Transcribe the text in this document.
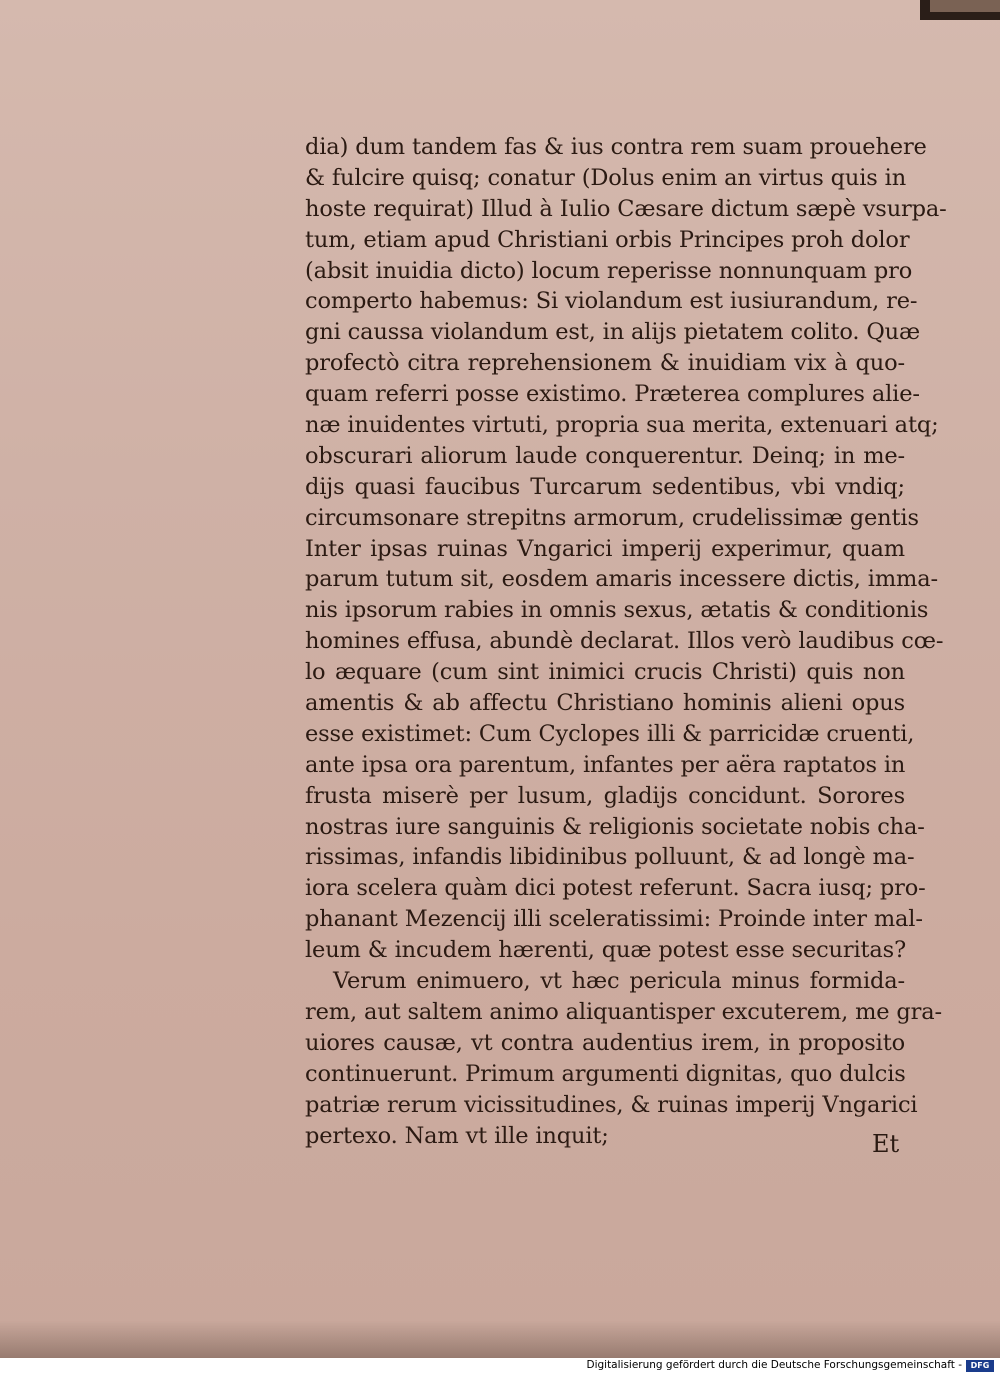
dia) dum tandem fas & ius contra rem suam prouehere
& fulcire quisq; conatur (Dolus enim an virtus quis in
hoste requirat) Illud à Iulio Cæsare dictum sæpè vsurpa-
tum, etiam apud Christiani orbis Principes proh dolor
(absit inuidia dicto) locum reperisse nonnunquam pro
comperto habemus: Si violandum est iusiurandum, re-
gni caussa violandum est, in alijs pietatem colito. Quæ
profectò citra reprehensionem & inuidiam vix à quo-
quam referri posse existimo. Præterea complures alie-
næ inuidentes virtuti, propria sua merita, extenuari atq;
obscurari aliorum laude conquerentur. Deinq; in me-
dijs quasi faucibus Turcarum sedentibus, vbi vndiq;
circumsonare strepitns armorum, crudelissimæ gentis
Inter ipsas ruinas Vngarici imperij experimur, quam
parum tutum sit, eosdem amaris incessere dictis, imma-
nis ipsorum rabies in omnis sexus, ætatis & conditionis
homines effusa, abundè declarat. Illos verò laudibus cœ-
lo æquare (cum sint inimici crucis Christi) quis non
amentis & ab affectu Christiano hominis alieni opus
esse existimet: Cum Cyclopes illi & parricidæ cruenti,
ante ipsa ora parentum, infantes per aëra raptatos in
frusta miserè per lusum, gladijs concidunt. Sorores
nostras iure sanguinis & religionis societate nobis cha-
rissimas, infandis libidinibus polluunt, & ad longè ma-
iora scelera quàm dici potest referunt. Sacra iusq; pro-
phanant Mezencij illi sceleratissimi: Proinde inter mal-
leum & incudem hærenti, quæ potest esse securitas?
Verum enimuero, vt hæc pericula minus formida-
rem, aut saltem animo aliquantisper excuterem, me gra-
uiores causæ, vt contra audentius irem, in proposito
continuerunt. Primum argumenti dignitas, quo dulcis
patriæ rerum vicissitudines, & ruinas imperij Vngarici
pertexo. Nam vt ille inquit;	Et
Digitalisierung gefördert durch die Deutsche Forschungsgemeinschaft -	DFG
